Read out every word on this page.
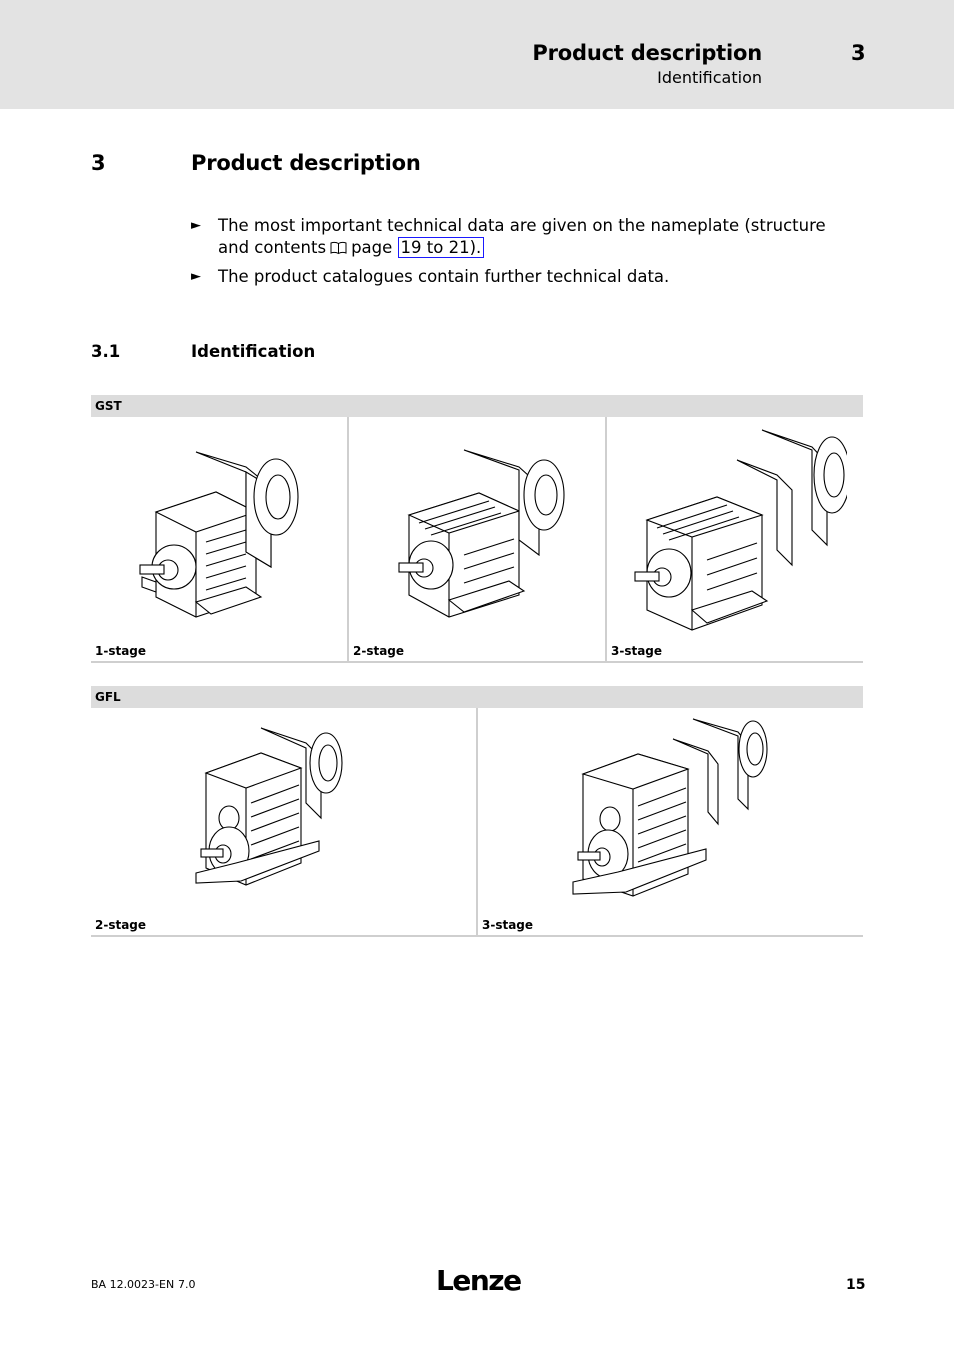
Product description	3
Identification
3	Product description
► The most important technical data are given on the nameplate (structure and contents page 19 to 21).
► The product catalogues contain further technical data.
3.1	Identification
GST
1-stage	2-stage	3-stage
GFL
2-stage	3-stage
BA 12.0023-EN 7.0	Lenze	15
